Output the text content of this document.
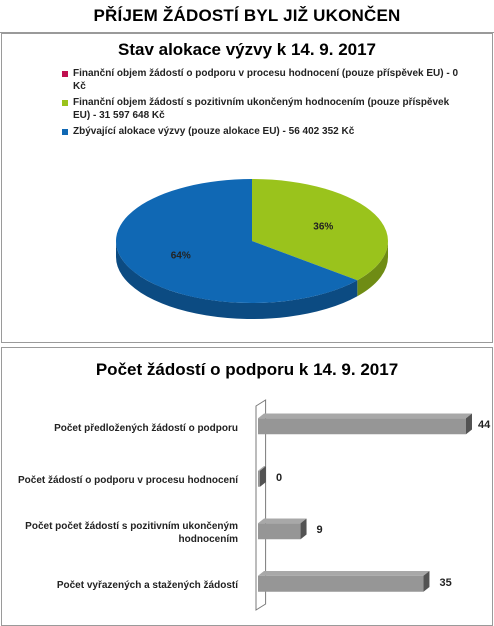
PŘÍJEM ŽÁDOSTÍ BYL JIŽ UKONČEN
Stav alokace výzvy k 14. 9. 2017
Finanční objem žádostí o podporu v procesu hodnocení (pouze příspěvek EU) - 0 Kč
Finanční objem žádostí s pozitivním ukončeným hodnocením (pouze příspěvek EU) - 31 597 648 Kč
Zbývající alokace výzvy (pouze alokace EU) - 56 402 352 Kč
36%
64%
Počet žádostí o podporu k 14. 9. 2017
Počet předložených žádostí o podporu	44
Počet žádostí o podporu v procesu hodnocení	0
Počet počet žádostí s pozitivním ukončeným hodnocením
9
Počet vyřazených a stažených žádostí	35
